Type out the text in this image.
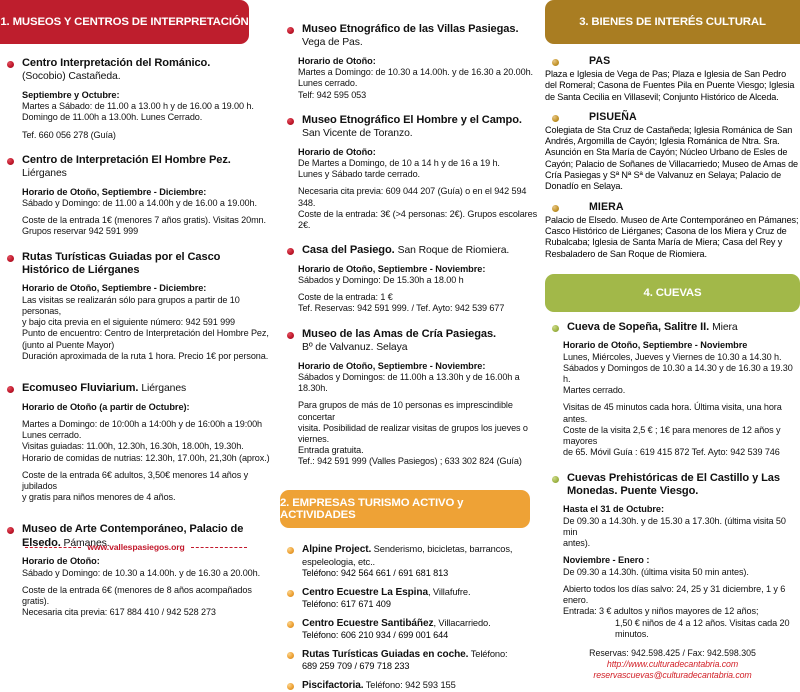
1. MUSEOS Y CENTROS DE INTERPRETACIÓN
Centro Interpretación del Románico.
(Socobio) Castañeda.
Septiembre y Octubre:
Martes a Sábado: de 11.00 a 13.00 h y de 16.00 a 19.00 h.
Domingo de 11.00h a 13.00h. Lunes Cerrado.
Tef. 660 056 278 (Guía)
Centro de Interpretación El Hombre Pez.
Liérganes
Horario de Otoño, Septiembre - Diciembre:
Sábado y Domingo: de 11.00 a 14.00h y de 16.00 a 19.00h.
Coste de la entrada 1€ (menores 7 años gratis). Visitas 20mn.
Grupos reservar 942 591 999
Rutas Turísticas Guiadas por el Casco
Histórico de Liérganes
Horario de Otoño, Septiembre - Diciembre:
Las visitas se realizarán sólo para grupos a partir de 10 personas,
y bajo cita previa en el siguiente número: 942 591 999
Punto de encuentro: Centro de Interpretación del Hombre Pez,
(junto al Puente Mayor)
Duración aproximada de la ruta 1 hora. Precio 1€ por persona.
Ecomuseo Fluviarium. Liérganes
Horario de Otoño (a partir de Octubre):
Martes a Domingo: de 10:00h a 14:00h y de 16:00h a 19:00h
Lunes cerrado.
Visitas guiadas: 11.00h, 12.30h, 16.30h, 18.00h, 19.30h.
Horario de comidas de nutrias: 12.30h, 17.00h, 21,30h (aprox.)
Coste de la entrada 6€ adultos, 3,50€ menores 14 años y jubilados
y gratis para niños menores de 4 años.
Museo de Arte Contemporáneo, Palacio de
Elsedo. Pámanes.
Horario de Otoño:
Sábado y Domingo: de 10.30 a 14.00h. y de 16.30 a 20.00h.
Coste de la entrada 6€ (menores de 8 años acompañados gratis).
Necesaria cita previa: 617 884 410 / 942 528 273
www.vallespasiegos.org
Museo Etnográfico de las Villas Pasiegas.
Vega de Pas.
Horario de Otoño:
Martes a Domingo: de 10.30 a 14.00h. y de 16.30 a 20.00h.
Lunes cerrado.
Telf: 942 595 053
Museo Etnográfico El Hombre y el Campo.
San Vicente de Toranzo.
Horario de Otoño:
De Martes a Domingo, de 10 a 14 h y de 16 a 19 h.
Lunes y Sábado tarde cerrado.
Necesaria cita previa: 609 044 207 (Guía) o en el 942 594 348.
Coste de la entrada: 3€ (>4 personas: 2€). Grupos escolares 2€.
Casa del Pasiego. San Roque de Riomiera.
Horario de Otoño, Septiembre - Noviembre:
Sábados y Domingo: De 15.30h a 18.00 h
Coste de la entrada: 1 €
Tef. Reservas: 942 591 999. / Tef. Ayto: 942 539 677
Museo de las Amas de Cría Pasiegas.
Bº de Valvanuz. Selaya
Horario de Otoño, Septiembre - Noviembre:
Sábados y Domingos: de 11.00h a 13.30h y de 16.00h a 18.30h.
Para grupos de más de 10 personas es imprescindible concertar
visita. Posibilidad de realizar visitas de grupos los jueves o viernes.
Entrada gratuita.
Tef.: 942 591 999 (Valles Pasiegos) ; 633 302 824 (Guía)
2. EMPRESAS TURISMO ACTIVO y ACTIVIDADES
Alpine Project. Senderismo, bicicletas, barrancos,
espeleologia, etc..
Teléfono: 942 564 661 / 691 681 813
Centro Ecuestre La Espina, Villafufre.
Teléfono: 617 671 409
Centro Ecuestre Santibáñez, Villacarriedo.
Teléfono: 606 210 934 / 699 001 644
Rutas Turísticas Guiadas en coche. Teléfono:
689 259 709 / 679 718 233
Piscifactoria. Teléfono: 942 593 155
3. BIENES DE INTERÉS CULTURAL
PAS
Plaza e Iglesia de Vega de Pas; Plaza e Iglesia de San Pedro del Romeral; Casona de Fuentes Pila en Puente Viesgo; Iglesia de Santa Cecilia en Villasevil; Conjunto Histórico de Alceda.
PISUEÑA
Colegiata de Sta Cruz de Castañeda; Iglesia Románica de San Andrés, Argomilla de Cayón; Iglesia Románica de Ntra. Sra. Asunción en Sta María de Cayón; Núcleo Urbano de Esles de Cayón; Palacio de Soñanes de Villacarriedo; Museo de Amas de Cría Pasiegas y Sª Nª Sª de Valvanuz en Selaya; Palacio de Donadío en Selaya.
MIERA
Palacio de Elsedo. Museo de Arte Contemporáneo en Pámanes; Casco Histórico de Liérganes; Casona de los Miera y Cruz de Rubalcaba; Iglesia de Santa María de Miera; Casa del Rey y Resbaladero de San Roque de Riomiera.
4. CUEVAS
Cueva de Sopeña, Salitre II. Miera
Horario de Otoño, Septiembre - Noviembre
Lunes, Miércoles, Jueves y Viernes de 10.30 a 14.30 h.
Sábados y Domingos de 10.30 a 14.30 y de 16.30 a 19.30 h.
Martes cerrado.
Visitas de 45 minutos cada hora. Última visita, una hora antes.
Coste de la visita 2,5 € ; 1€ para menores de 12 años y mayores
de 65. Móvil Guía : 619 415 872 Tef. Ayto: 942 539 746
Cuevas Prehistóricas de El Castillo y Las
Monedas. Puente Viesgo.
Hasta el 31 de Octubre:
De 09.30 a 14.30h. y de 15.30 a 17.30h. (última visita 50 min
antes).
Noviembre - Enero :
De 09.30 a 14.30h. (última visita 50 min antes).
Abierto todos los días salvo: 24, 25 y 31 diciembre, 1 y 6 enero.
Entrada: 3 € adultos y niños mayores de 12 años;
1,50 € niños de 4 a 12 años. Visitas cada 20 minutos.
Reservas: 942.598.425 / Fax: 942.598.305
http://www.culturadecantabria.com
reservascuevas@culturadecantabria.com
